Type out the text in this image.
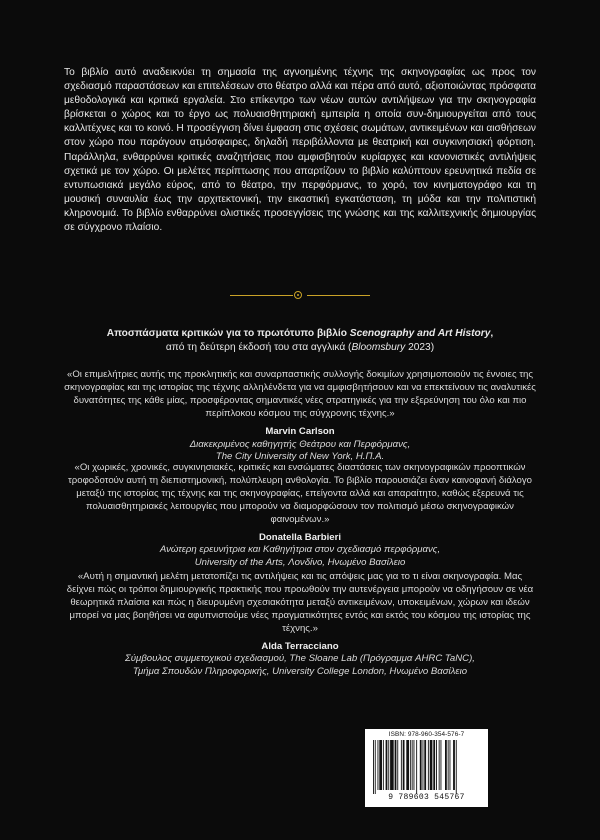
Το βιβλίο αυτό αναδεικνύει τη σημασία της αγνοημένης τέχνης της σκηνογραφίας ως προς τον σχεδιασμό παραστάσεων και επιτελέσεων στο θέατρο αλλά και πέρα από αυτό, αξιοποιώντας πρόσφατα μεθοδολογικά και κριτικά εργαλεία. Στο επίκεντρο των νέων αυτών αντιλήψεων για την σκηνογραφία βρίσκεται ο χώρος και το έργο ως πολυαισθητηριακή εμπειρία η οποία συν-δημιουργείται από τους καλλιτέχνες και το κοινό. Η προσέγγιση δίνει έμφαση στις σχέσεις σωμάτων, αντικειμένων και αισθήσεων στον χώρο που παράγουν ατμόσφαιρες, δηλαδή περιβάλλοντα με θεατρική και συγκινησιακή φόρτιση. Παράλληλα, ενθαρρύνει κριτικές αναζητήσεις που αμφισβητούν κυρίαρχες και κανονιστικές αντιλήψεις σχετικά με τον χώρο. Οι μελέτες περίπτωσης που απαρτίζουν το βιβλίο καλύπτουν ερευνητικά πεδία σε εντυπωσιακά μεγάλο εύρος, από το θέατρο, την περφόρμανς, το χορό, τον κινηματογράφο και τη μουσική συναυλία έως την αρχιτεκτονική, την εικαστική εγκατάσταση, τη μόδα και την πολιτιστική κληρονομιά. Το βιβλίο ενθαρρύνει ολιστικές προσεγγίσεις της γνώσης και της καλλιτεχνικής δημιουργίας σε σύγχρονο πλαίσιο.

Αποσπάσματα κριτικών για το πρωτότυπο βιβλίο Scenography and Art History,
από τη δεύτερη έκδοσή του στα αγγλικά (Bloomsbury 2023)
«Οι επιμελήτριες αυτής της προκλητικής και συναρπαστικής συλλογής δοκιμίων χρησιμοποιούν τις έννοιες της σκηνογραφίας και της ιστορίας της τέχνης αλληλένδετα για να αμφισβητήσουν και να επεκτείνουν τις αναλυτικές δυνατότητες της κάθε μίας, προσφέροντας σημαντικές νέες στρατηγικές για την εξερεύνηση του όλο και πιο περίπλοκου κόσμου της σύγχρονης τέχνης.»
Marvin Carlson
Διακεκριμένος καθηγητής Θεάτρου και Περφόρμανς,
The City University of New York, Η.Π.Α.
«Οι χωρικές, χρονικές, συγκινησιακές, κριτικές και ενσώματες διαστάσεις των σκηνογραφικών προοπτικών τροφοδοτούν αυτή τη διεπιστημονική, πολύπλευρη ανθολογία. Το βιβλίο παρουσιάζει έναν καινοφανή διάλογο μεταξύ της ιστορίας της τέχνης και της σκηνογραφίας, επείγοντα αλλά και απαραίτητο, καθώς εξερευνά τις πολυαισθητηριακές λειτουργίες που μπορούν να διαμορφώσουν τον πολιτισμό μέσω σκηνογραφικών φαινομένων.»
Donatella Barbieri
Ανώτερη ερευνήτρια και Καθηγήτρια στον σχεδιασμό περφόρμανς,
University of the Arts, Λονδίνο, Ηνωμένο Βασίλειο
«Αυτή η σημαντική μελέτη μετατοπίζει τις αντιλήψεις και τις απόψεις μας για το τι είναι σκηνογραφία. Μας δείχνει πώς οι τρόποι δημιουργικής πρακτικής που προωθούν την αυτενέργεια μπορούν να οδηγήσουν σε νέα θεωρητικά πλαίσια και πώς η διευρυμένη σχεσιακότητα μεταξύ αντικειμένων, υποκειμένων, χώρων και ιδεών μπορεί να μας βοηθήσει να αφυπνιστούμε νέες πραγματικότητες εντός και εκτός του κόσμου της ιστορίας της τέχνης.»
Alda Terracciano
Σύμβουλος συμμετοχικού σχεδιασμού, The Sloane Lab (Πρόγραμμα AHRC TaNC),
Τμήμα Σπουδών Πληροφορικής, University College London, Ηνωμένο Βασίλειο
ISBN: 978-960-354-576-7
9 789603 545767
